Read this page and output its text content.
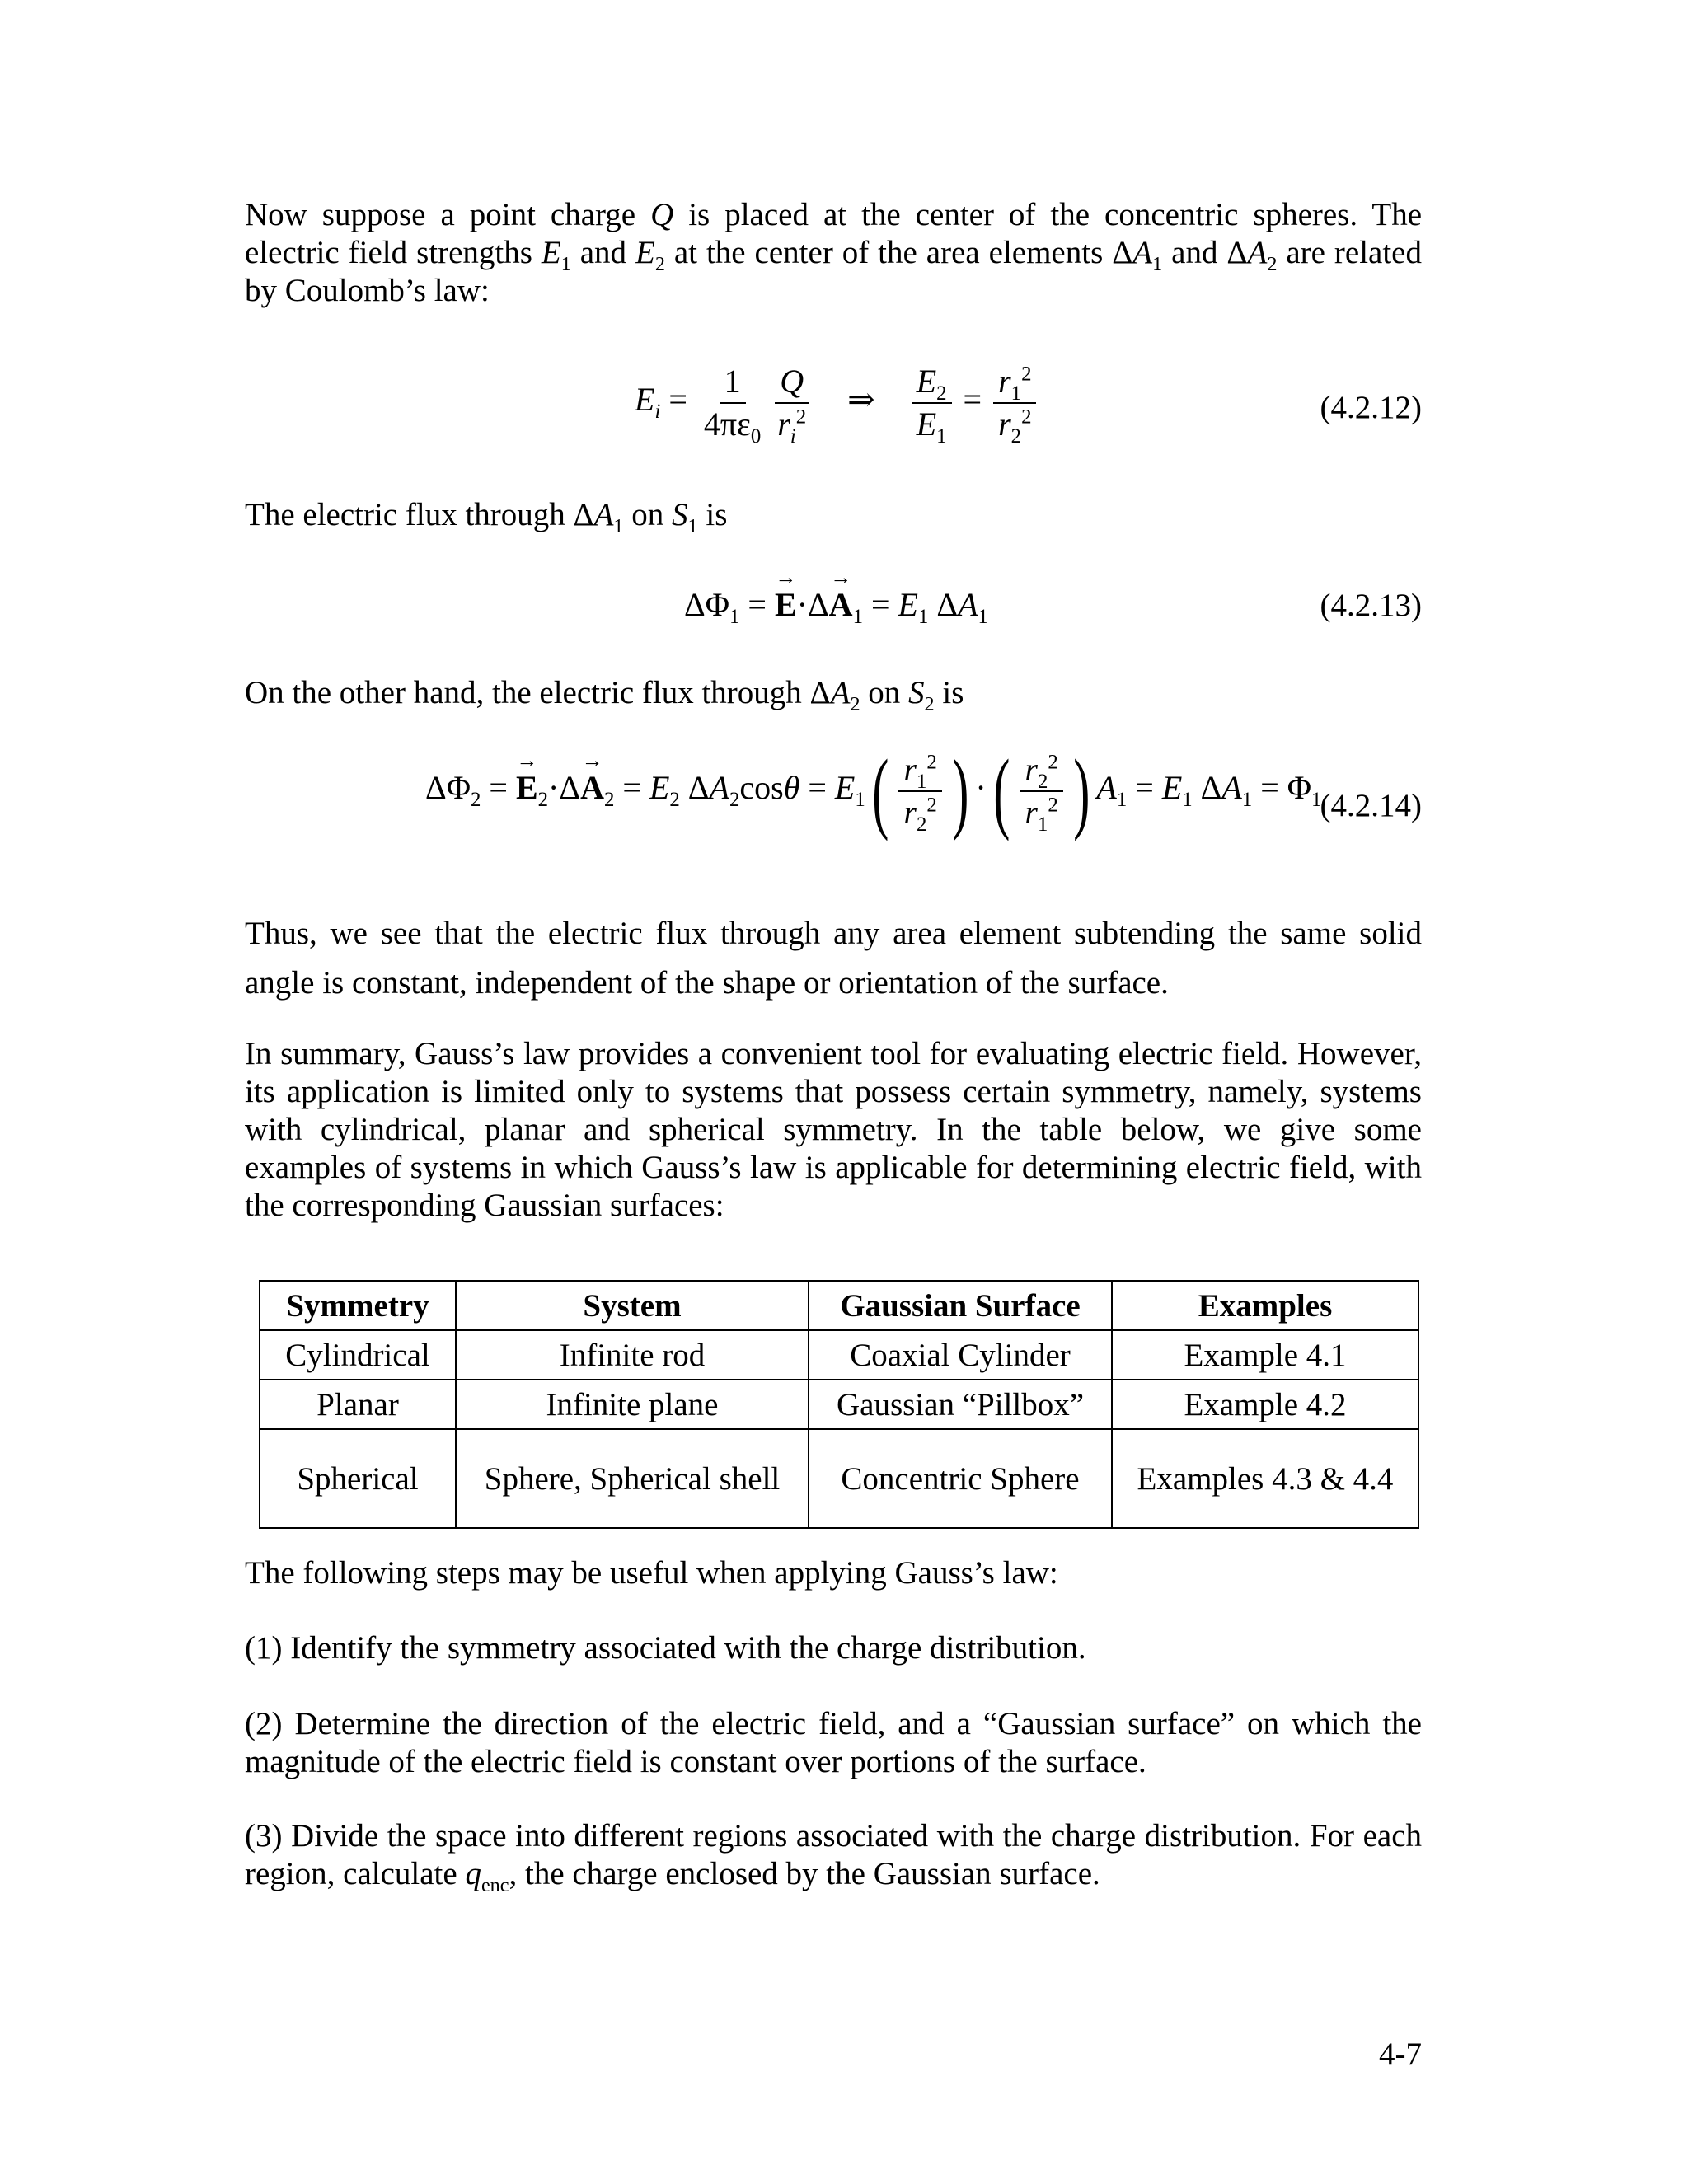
Now suppose a point charge Q is placed at the center of the concentric spheres. The electric field strengths $E_1$ and $E_2$ at the center of the area elements $\Delta A_1$ and $\Delta A_2$ are related by Coulomb’s law:

$E_i = \frac{1}{4\pi\varepsilon_0} \frac{Q}{r_i^2}$ ⇒ $\frac{E_2}{E_1} = \frac{r_1^2}{r_2^2}$	(4.2.12)

The electric flux through $\Delta A_1$ on $S_1$ is

$\Delta\Phi_1$ = → $E\cdot\Delta\to A_1 = E_1$ $\Delta A_1$	(4.2.13)

On the other hand, the electric flux through $\Delta A_2$ on $S_2$ is

$\Delta\Phi_2$ = → $E_2\cdot\Delta\to A_2 = E_2$ $\Delta A_2\cos\theta = E_1( \frac{r_1^2}{r_2^2}$ ) ·( $\frac{r_2^2}{r_1^2}$ ) $A_1 = E_1$ $\Delta A_1 = \Phi_1$
(4.2.14)

Thus, we see that the electric flux through any area element subtending the same solid angle is constant, independent of the shape or orientation of the surface.

In summary, Gauss’s law provides a convenient tool for evaluating electric field. However, its application is limited only to systems that possess certain symmetry, namely, systems with cylindrical, planar and spherical symmetry. In the table below, we give some examples of systems in which Gauss’s law is applicable for determining electric field, with the corresponding Gaussian surfaces:

Symmetry	System	Gaussian Surface	Examples
Cylindrical	Infinite rod	Coaxial Cylinder	Example 4.1
Planar	Infinite plane	Gaussian “Pillbox”	Example 4.2
Spherical	Sphere, Spherical shell	Concentric Sphere	Examples 4.3 & 4.4

The following steps may be useful when applying Gauss’s law:

(1) Identify the symmetry associated with the charge distribution.

(2) Determine the direction of the electric field, and a “Gaussian surface” on which the magnitude of the electric field is constant over portions of the surface.

(3) Divide the space into different regions associated with the charge distribution. For each region, calculate $q_{enc}$, the charge enclosed by the Gaussian surface.

4-7
